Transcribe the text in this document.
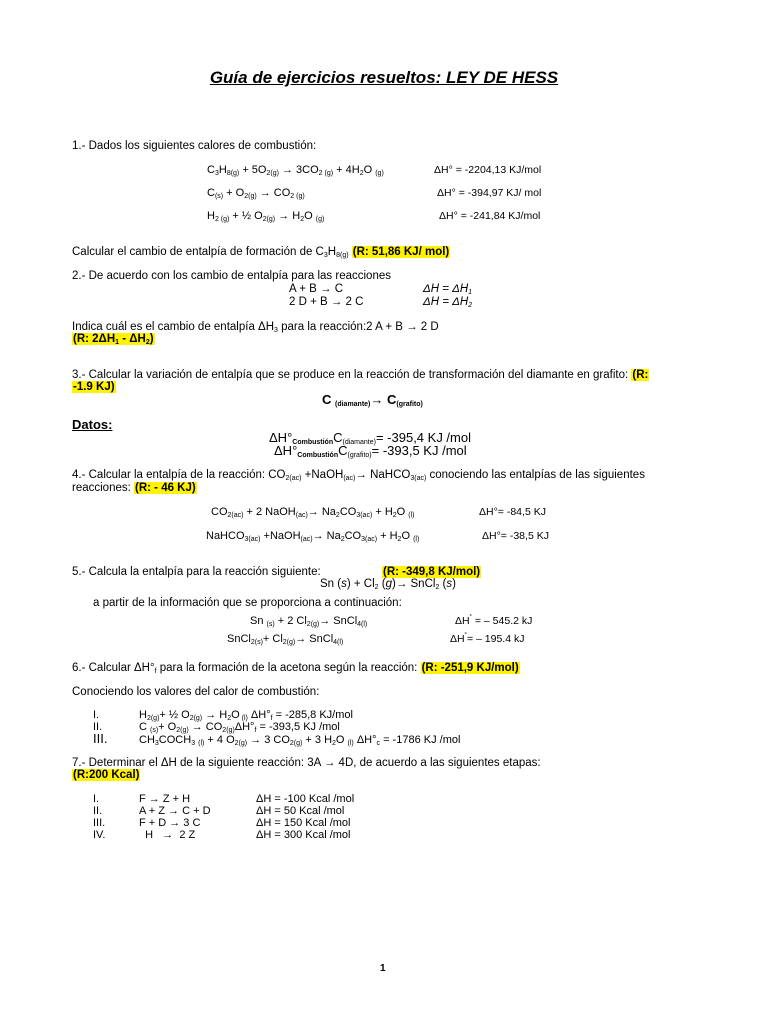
Guía de ejercicios resueltos: LEY DE HESS
1.- Dados los siguientes calores de combustión:
$C_3H_{8(g)} + 5O_{2(g)} \to 3CO_{2 (g)} + 4H_2O$ $_{(g)}$	ΔH° = -2204,13 KJ/mol
$C_{(s)} + O_{2(g)} \to CO_{2 (g)}$	ΔH° = -394,97 KJ/ mol
$H_{2 (g)}$ + ½ $O_{2(g)} \to H_2O$ $_{(g)}$	ΔH° = -241,84 KJ/mol
Calcular el cambio de entalpía de formación de $C_3H_{8(g)}$ (R: 51,86 KJ/ mol)
2.- De acuerdo con los cambio de entalpía para las reacciones
A + B → C	$\Delta H = \Delta H_1$
2 D + B → 2 C	$\Delta H = \Delta H_2$
Indica cuál es el cambio de entalpía $\Delta H_3$ para la reacción:2 A + B → 2 D
(R: $2\Delta H_1 - \Delta H_2$)
3.- Calcular la variación de entalpía que se produce en la reacción de transformación del diamante en grafito: (R:
-1.9 KJ)
C $_{(diamante)}\to C_{(grafito)}$
Datos:
$\Delta H^\circ_{Combustión}C_{(diamante)}= -395,4$ KJ /mol
$\Delta H^\circ_{Combustión}C_{(grafito)}= -393,5$ KJ /mol
4.- Calcular la entalpía de la reacción: $CO_{2(ac)}$ +NaOH$_{(ac)}$→ NaHCO$_{3(ac)}$ conociendo las entalpías de las siguientes
reacciones: (R: - 46 KJ)
$CO_{2(ac)} + 2$ NaOH$_{(ac)}$→ $Na_2CO_{3(ac)} + H_2O$ $_{(l)}$	ΔH°= -84,5 KJ
NaHCO$_{3(ac)}$ +NaOH$_{(ac)}$→ $Na_2CO_{3(ac)} + H_2O$ $_{(l)}$	ΔH°= -38,5 KJ
5.- Calcula la entalpía para la reacción siguiente:	(R: -349,8 KJ/mol)
Sn $(s) + Cl_2$ (g)→ SnCl$_2$ (s)
a partir de la información que se proporciona a continuación:
Sn $_{(s)}$ + 2 $Cl_{2(g)}\to$ SnCl$_{4(l)}$	ΔH˚ = – 545.2 kJ
SnCl$_{2(s)}$+ $Cl_{2(g)}\to$ SnCl$_{4(l)}$	ΔH˚= – 195.4 kJ
6.- Calcular $\Delta H^\circ_f$ para la formación de la acetona según la reacción: (R: -251,9 KJ/mol)
Conociendo los valores del calor de combustión:
I.	$H_{2(g)}+$ ½ $O_{2(g)} \to H_2O$ $_{(l)}$ $\Delta H^\circ_f = -285,8$ KJ/mol
II.	C $_{(s)}+ O_{2(g)} \to CO_{2(g)}\Delta H^\circ_f = -393,5$ KJ /mol
III.	$CH_3COCH_3$ $_{(l)}$ + 4 $O_{2(g)} \to 3$ $CO_{2(g)} + 3$ $H_2O$ $_{(l)}$ $\Delta H^\circ_c = -1786$ KJ /mol
7.- Determinar el ΔH de la siguiente reacción: 3A → 4D, de acuerdo a las siguientes etapas:
(R:200 Kcal)
I.	F → Z + H	ΔH = -100 Kcal /mol
II.	A + Z → C + D	ΔH = 50 Kcal /mol
III.	F + D → 3 C	ΔH = 150 Kcal /mol
IV.	H   →  2 Z	ΔH = 300 Kcal /mol
1
